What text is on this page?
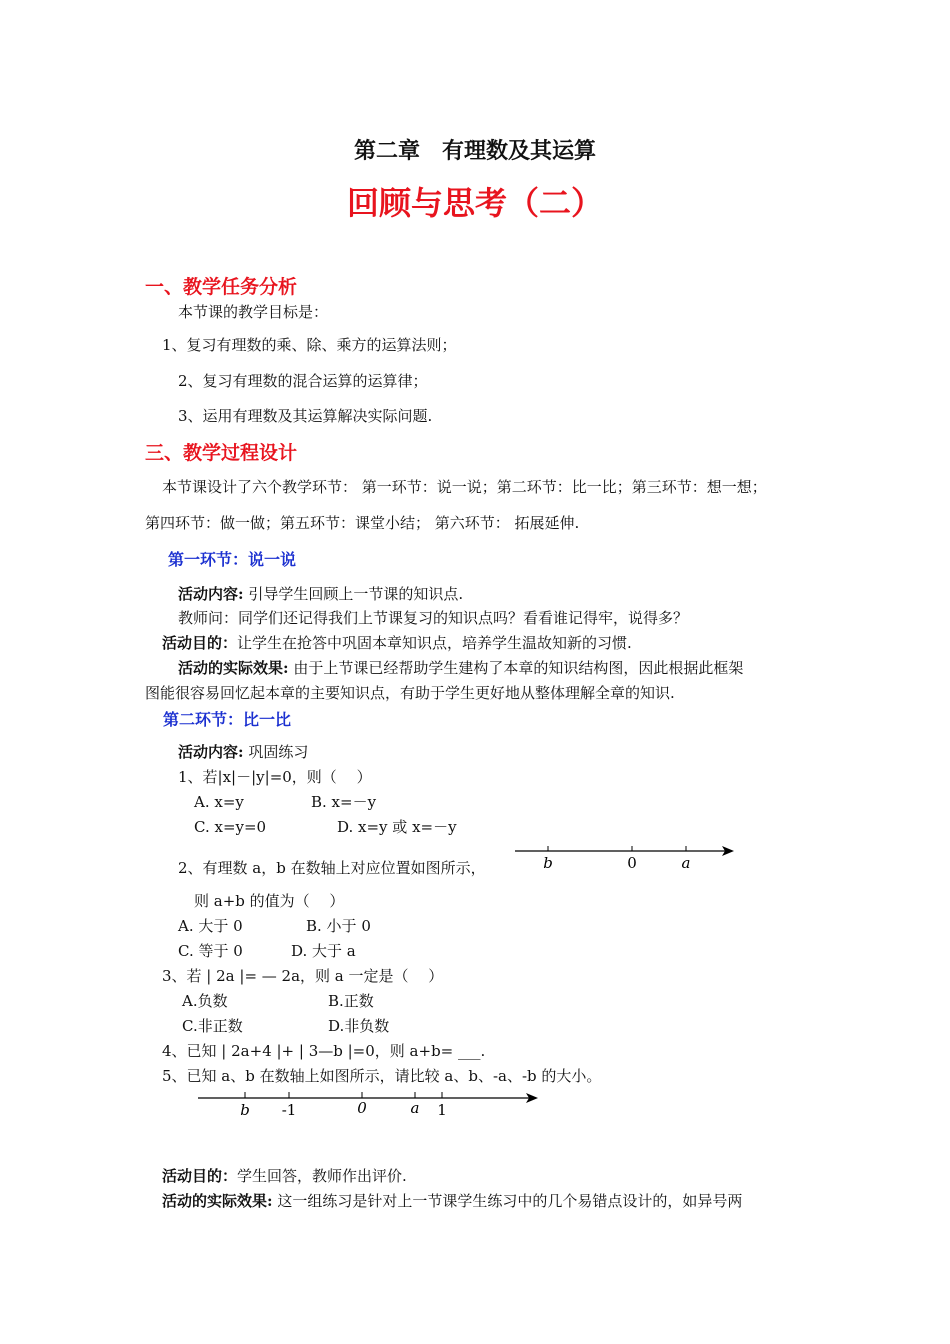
第二章　有理数及其运算
回顾与思考（二）
一、教学任务分析
本节课的教学目标是：
1、复习有理数的乘、除、乘方的运算法则；
2、复习有理数的混合运算的运算律；
3、运用有理数及其运算解决实际问题.
三、教学过程设计
本节课设计了六个教学环节： 第一环节：说一说；第二环节：比一比；第三环节：想一想；
第四环节：做一做；第五环节：课堂小结； 第六环节： 拓展延伸.
第一环节：说一说
活动内容: 引导学生回顾上一节课的知识点.
教师问：同学们还记得我们上节课复习的知识点吗？看看谁记得牢，说得多？
活动目的：让学生在抢答中巩固本章知识点，培养学生温故知新的习惯.
活动的实际效果: 由于上节课已经帮助学生建构了本章的知识结构图，因此根据此框架
图能很容易回忆起本章的主要知识点，有助于学生更好地从整体理解全章的知识.
第二环节：比一比
活动内容: 巩固练习
1、若|x|－|y|=0，则（　 ）
A. x=y	B. x=－y
C. x=y=0	D. x=y 或 x=－y
2、有理数 a，b 在数轴上对应位置如图所示，	b	0	a
则 a+b 的值为（　 ）
A. 大于 0	B. 小于 0
C. 等于 0	D. 大于 a
3、若 | 2a |= — 2a，则 a 一定是（　 ）
A.负数	B.正数
C.非正数	D.非负数
4、已知 | 2a+4 |+ | 3—b |=0，则 a+b= ___.
5、已知 a、b 在数轴上如图所示，请比较 a、b、-a、-b 的大小。
b -1	0	a 1
活动目的：学生回答，教师作出评价.
活动的实际效果: 这一组练习是针对上一节课学生练习中的几个易错点设计的，如异号两
